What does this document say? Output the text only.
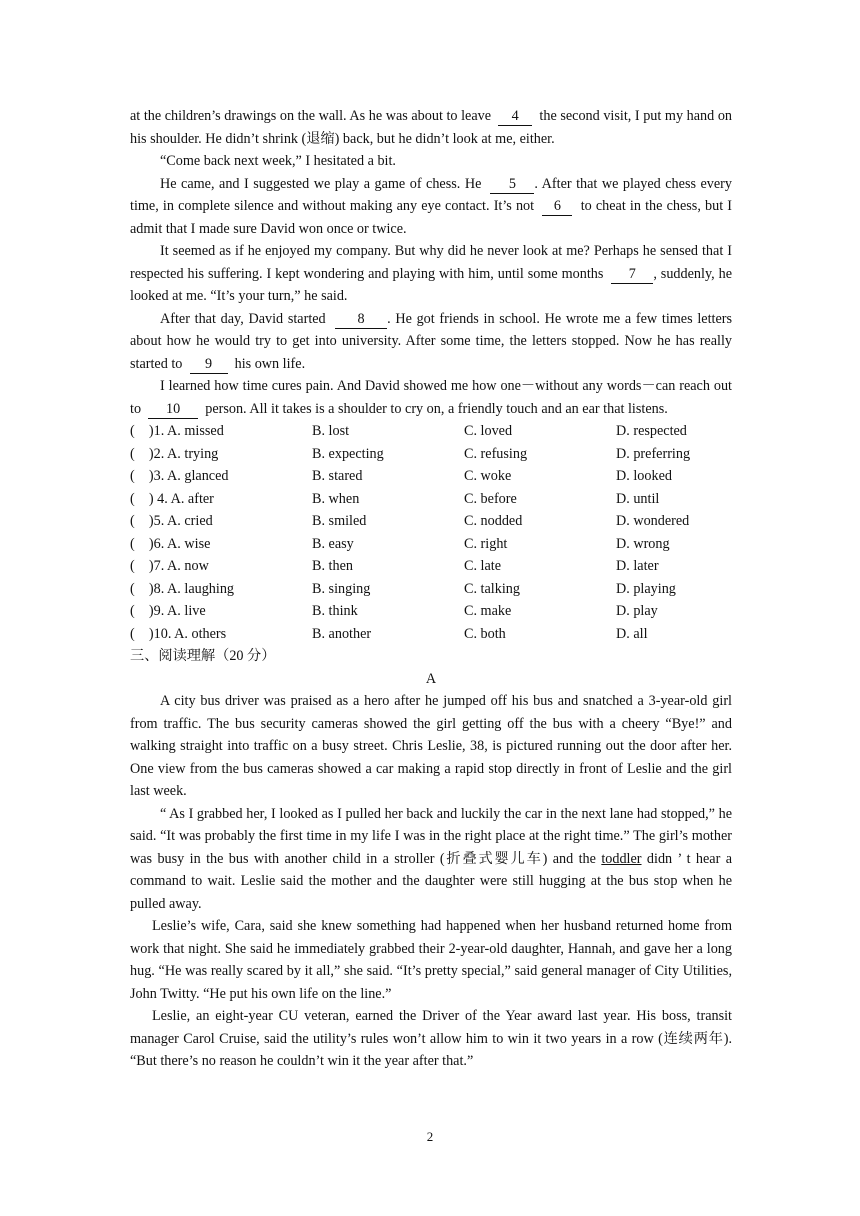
at the children’s drawings on the wall. As he was about to leave 4 the second visit, I put my hand on his shoulder. He didn’t shrink (退缩) back, but he didn’t look at me, either.

“Come back next week,” I hesitated a bit.

He came, and I suggested we play a game of chess. He 5 . After that we played chess every time, in complete silence and without making any eye contact. It’s not 6 to cheat in the chess, but I admit that I made sure David won once or twice.

It seemed as if he enjoyed my company. But why did he never look at me? Perhaps he sensed that I respected his suffering. I kept wondering and playing with him, until some months 7 , suddenly, he looked at me. “It’s your turn,” he said.

After that day, David started 8 . He got friends in school. He wrote me a few times letters about how he would try to get into university. After some time, the letters stopped. Now he has really started to 9 his own life.

I learned how time cures pain. And David showed me how one－without any words－can reach out to 10 person. All it takes is a shoulder to cry on, a friendly touch and an ear that listens.

(    )1. A. missed	B. lost	C. loved	D. respected
(    )2. A. trying	B. expecting	C. refusing	D. preferring
(    )3. A. glanced	B. stared	C. woke	D. looked
(    ) 4. A. after	B. when	C. before	D. until
(    )5. A. cried	B. smiled	C. nodded	D. wondered
(    )6. A. wise	B. easy	C. right	D. wrong
(    )7. A. now	B. then	C. late	D. later
(    )8. A. laughing	B. singing	C. talking	D. playing
(    )9. A. live	B. think	C. make	D. play
(    )10. A. others	B. another	C. both	D. all

三、阅读理解（20 分）

A

A city bus driver was praised as a hero after he jumped off his bus and snatched a 3-year-old girl from traffic. The bus security cameras showed the girl getting off the bus with a cheery “Bye!” and walking straight into traffic on a busy street. Chris Leslie, 38, is pictured running out the door after her. One view from the bus cameras showed a car making a rapid stop directly in front of Leslie and the girl last week.

“ As I grabbed her, I looked as I pulled her back and luckily the car in the next lane had stopped,” he said. “It was probably the first time in my life I was in the right place at the right time.” The girl’s mother was busy in the bus with another child in a stroller (折叠式婴儿车) and the toddler didn ’ t hear a command to wait. Leslie said the mother and the daughter were still hugging at the bus stop when he pulled away.

Leslie’s wife, Cara, said she knew something had happened when her husband returned home from work that night. She said he immediately grabbed their 2-year-old daughter, Hannah, and gave her a long hug. “He was really scared by it all,” she said. “It’s pretty special,” said general manager of City Utilities, John Twitty. “He put his own life on the line.”

Leslie, an eight-year CU veteran, earned the Driver of the Year award last year. His boss, transit manager Carol Cruise, said the utility’s rules won’t allow him to win it two years in a row (连续两年). “But there’s no reason he couldn’t win it the year after that.”

2
